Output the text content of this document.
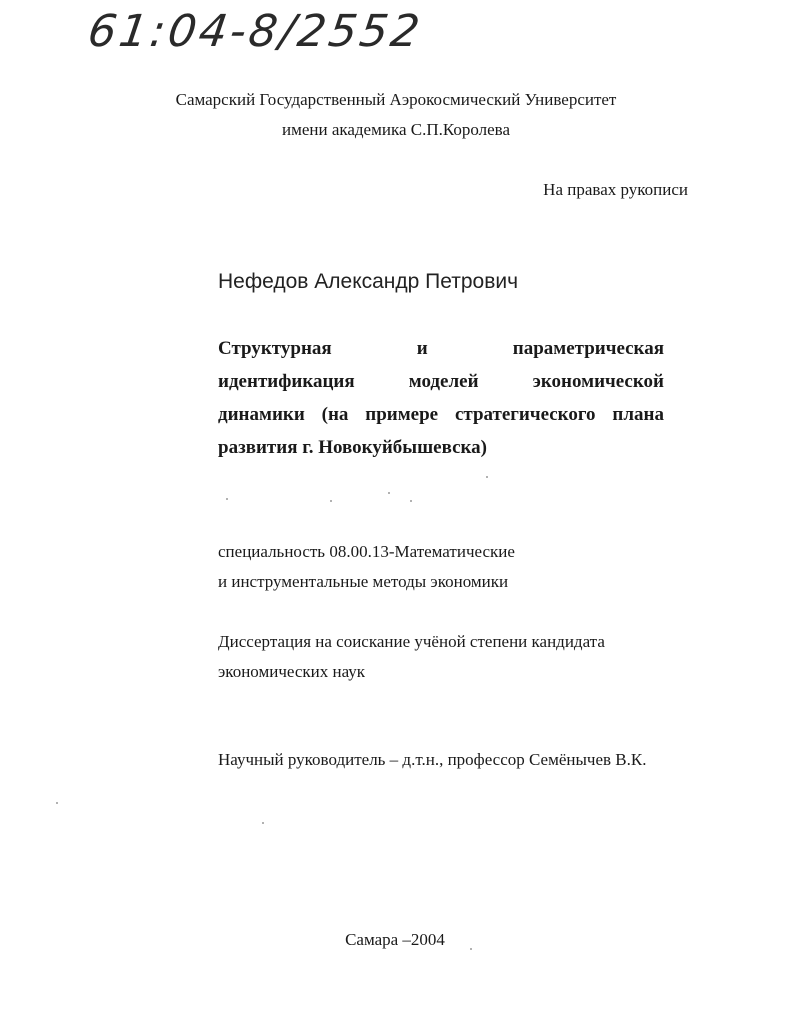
61:04-8/2552
Самарский Государственный Аэрокосмический Университет
имени академика С.П.Королева
На правах рукописи
Нефедов Александр Петрович
Структурная	и	параметрическая
идентификация	моделей	экономической
динамики (на примере стратегического плана
развития г. Новокуйбышевска)
специальность 08.00.13-Математические
и инструментальные методы экономики
Диссертация на соискание учёной степени кандидата
экономических наук
Научный руководитель – д.т.н., профессор Семёнычев В.К.
Самара –2004
